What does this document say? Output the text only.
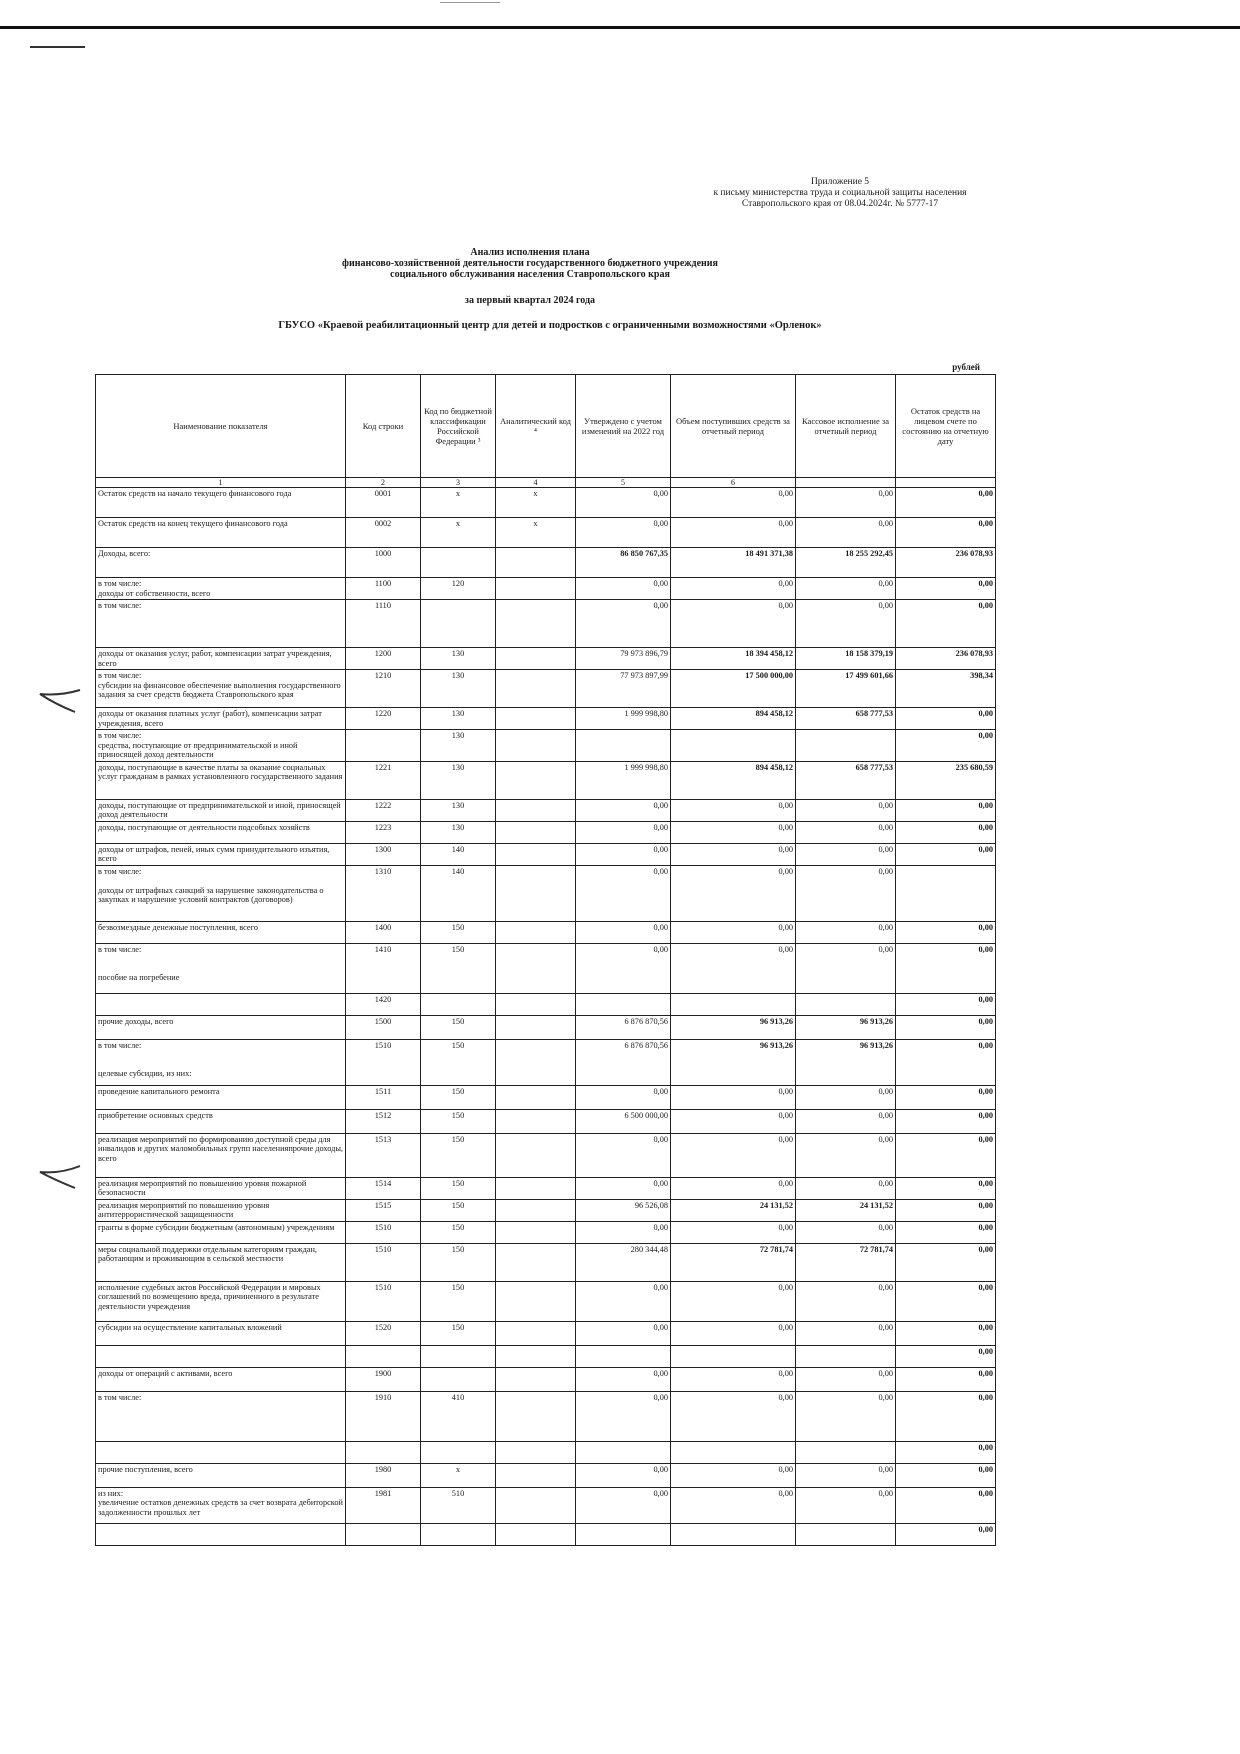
Приложение 5
к письму министерства труда и социальной защиты населения
Ставропольского края от 08.04.2024г. № 5777-17
Анализ исполнения плана
финансово-хозяйственной деятельности государственного бюджетного учреждения
социального обслуживания населения Ставропольского края
за первый квартал 2024 года
ГБУСО «Краевой реабилитационный центр для детей и подростков с ограниченными возможностями «Орленок»
рублей
Наименование показателя	Код строки	Код по бюджетной классификации Российской Федерации ³	Аналитический код ⁴	Утверждено с учетом изменений на 2022 год	Объем поступивших средств за отчетный период	Кассовое исполнение за отчетный период	Остаток средств на лицевом счете по состоянию на отчетную дату
1	2	3	4	5	6		
Остаток средств на начало текущего финансового года	0001	x	x	0,00	0,00	0,00	0,00
Остаток средств на конец текущего финансового года	0002	x	x	0,00	0,00	0,00	0,00
Доходы, всего:	1000			86 850 767,35	18 491 371,38	18 255 292,45	236 078,93
в том числе:
доходы от собственности, всего	1100	120		0,00	0,00	0,00	0,00
в том числе:	1110			0,00	0,00	0,00	0,00
доходы от оказания услуг, работ, компенсации затрат учреждения, всего	1200	130		79 973 896,79	18 394 458,12	18 158 379,19	236 078,93
в том числе:
субсидии на финансовое обеспечение выполнения государственного задания за счет средств бюджета Ставропольского края	1210	130		77 973 897,99	17 500 000,00	17 499 601,66	398,34
доходы от оказания платных услуг (работ), компенсации затрат учреждения, всего	1220	130		1 999 998,80	894 458,12	658 777,53	0,00
в том числе:
средства, поступающие от предпринимательской и иной приносящей доход деятельности		130					0,00
доходы, поступающие в качестве платы за оказание социальных услуг гражданам в рамках установленного государственного задания	1221	130		1 999 998,80	894 458,12	658 777,53	235 680,59
доходы, поступающие от предпринимательской и иной, приносящей доход деятельности	1222	130		0,00	0,00	0,00	0,00
доходы, поступающие от деятельности подсобных хозяйств	1223	130		0,00	0,00	0,00	0,00
доходы от штрафов, пеней, иных сумм принудительного изъятия, всего	1300	140		0,00	0,00	0,00	0,00
в том числе:

доходы от штрафных санкций за нарушение законодательства о закупках и нарушение условий контрактов (договоров)	1310	140		0,00	0,00	0,00	
безвозмездные денежные поступления, всего	1400	150		0,00	0,00	0,00	0,00
в том числе:

пособие на погребение	1410	150		0,00	0,00	0,00	0,00
	1420						0,00
прочие доходы, всего	1500	150		6 876 870,56	96 913,26	96 913,26	0,00
в том числе:

целевые субсидии, из них:	1510	150		6 876 870,56	96 913,26	96 913,26	0,00
проведение капитального ремонта	1511	150		0,00	0,00	0,00	0,00
приобретение основных средств	1512	150		6 500 000,00	0,00	0,00	0,00
реализация мероприятий по формированию доступной среды для инвалидов и других маломобильных групп населенияпрочие доходы, всего	1513	150		0,00	0,00	0,00	0,00
реализация мероприятий по повышению уровня пожарной безопасности	1514	150		0,00	0,00	0,00	0,00
реализация мероприятий по повышению уровня антитеррористической защищенности	1515	150		96 526,08	24 131,52	24 131,52	0,00
гранты в форме субсидии бюджетным (автономным) учреждениям	1510	150		0,00	0,00	0,00	0,00
меры социальной поддержки отдельным категориям граждан, работающим и проживающим в сельской местности	1510	150		280 344,48	72 781,74	72 781,74	0,00
исполнение судебных актов Российской Федерации и мировых соглашений по возмещению вреда, причиненного в результате деятельности учреждения	1510	150		0,00	0,00	0,00	0,00
субсидии на осуществление капитальных вложений	1520	150		0,00	0,00	0,00	0,00
							0,00
доходы от операций с активами, всего	1900			0,00	0,00	0,00	0,00
в том числе:	1910	410		0,00	0,00	0,00	0,00
							0,00
прочие поступления, всего	1980	x		0,00	0,00	0,00	0,00
из них:
увеличение остатков денежных средств за счет возврата дебиторской задолженности прошлых лет	1981	510		0,00	0,00	0,00	0,00
							0,00
